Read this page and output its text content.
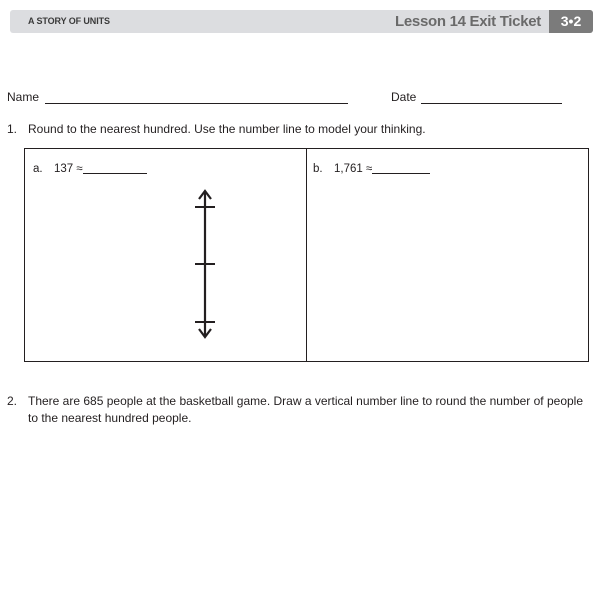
A STORY OF UNITS	Lesson 14 Exit Ticket	3•2
Name	Date
1. Round to the nearest hundred. Use the number line to model your thinking.
a. 137 ≈	b. 1,761 ≈
2. There are 685 people at the basketball game. Draw a vertical number line to round the number of people
to the nearest hundred people.
